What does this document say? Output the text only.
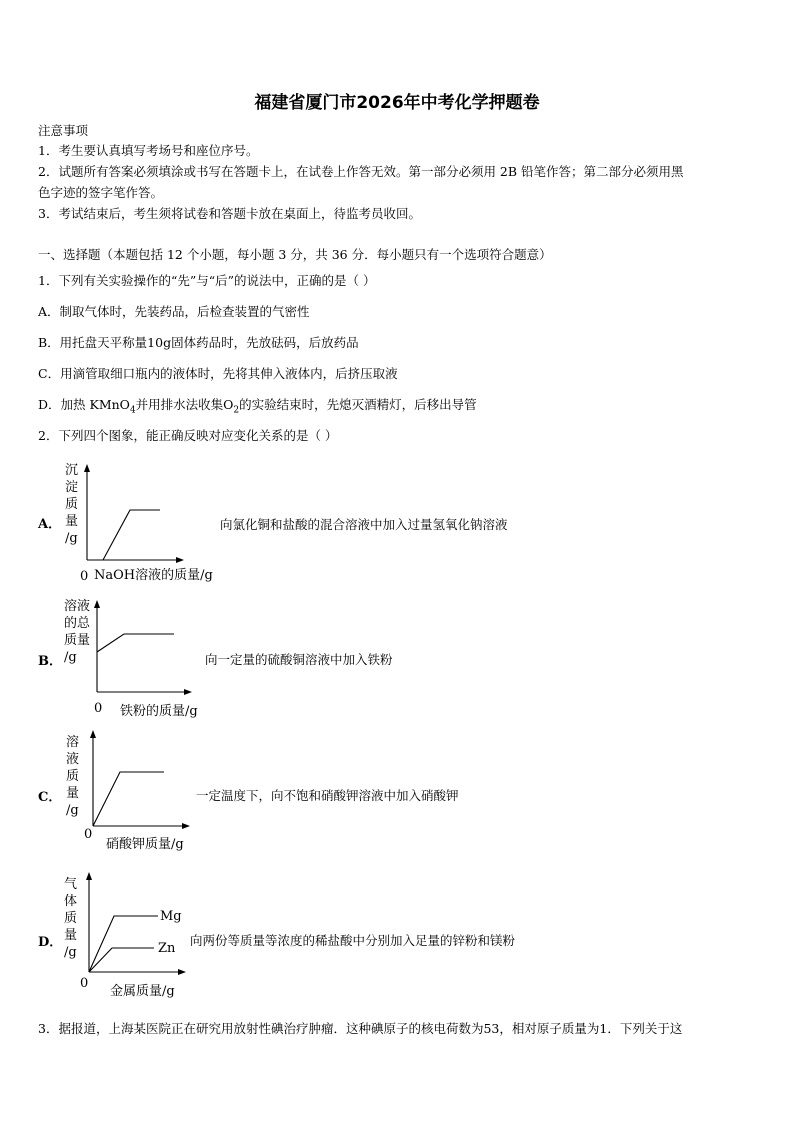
福建省厦门市2026年中考化学押题卷
注意事项
1．考生要认真填写考场号和座位序号。
2．试题所有答案必须填涂或书写在答题卡上，在试卷上作答无效。第一部分必须用 2B 铅笔作答；第二部分必须用黑
色字迹的签字笔作答。
3．考试结束后，考生须将试卷和答题卡放在桌面上，待监考员收回。
一、选择题（本题包括 12 个小题，每小题 3 分，共 36 分．每小题只有一个选项符合题意）
1．下列有关实验操作的“先”与“后”的说法中，正确的是（ ）
A．制取气体时，先装药品，后检查装置的气密性
B．用托盘天平称量10g固体药品时，先放砝码，后放药品
C．用滴管取细口瓶内的液体时，先将其伸入液体内，后挤压取液
D．加热 KMnO$_4$并用排水法收集$O_2$的实验结束时，先熄灭酒精灯，后移出导管
2．下列四个图象，能正确反映对应变化关系的是（ ）
A．
沉
淀
质
量
/g
0 NaOH溶液的质量/g
向氯化铜和盐酸的混合溶液中加入过量氢氧化钠溶液
B．
溶液
的总
质量
/g
0 铁粉的质量/g
向一定量的硫酸铜溶液中加入铁粉
C．
溶
液
质
量
/g
0
硝酸钾质量/g
一定温度下，向不饱和硝酸钾溶液中加入硝酸钾
D．
气
体
质
量
/g
Mg
Zn
0
金属质量/g
向两份等质量等浓度的稀盐酸中分别加入足量的锌粉和镁粉
3．据报道，上海某医院正在研究用放射性碘治疗肿瘤．这种碘原子的核电荷数为53，相对原子质量为1．下列关于这
